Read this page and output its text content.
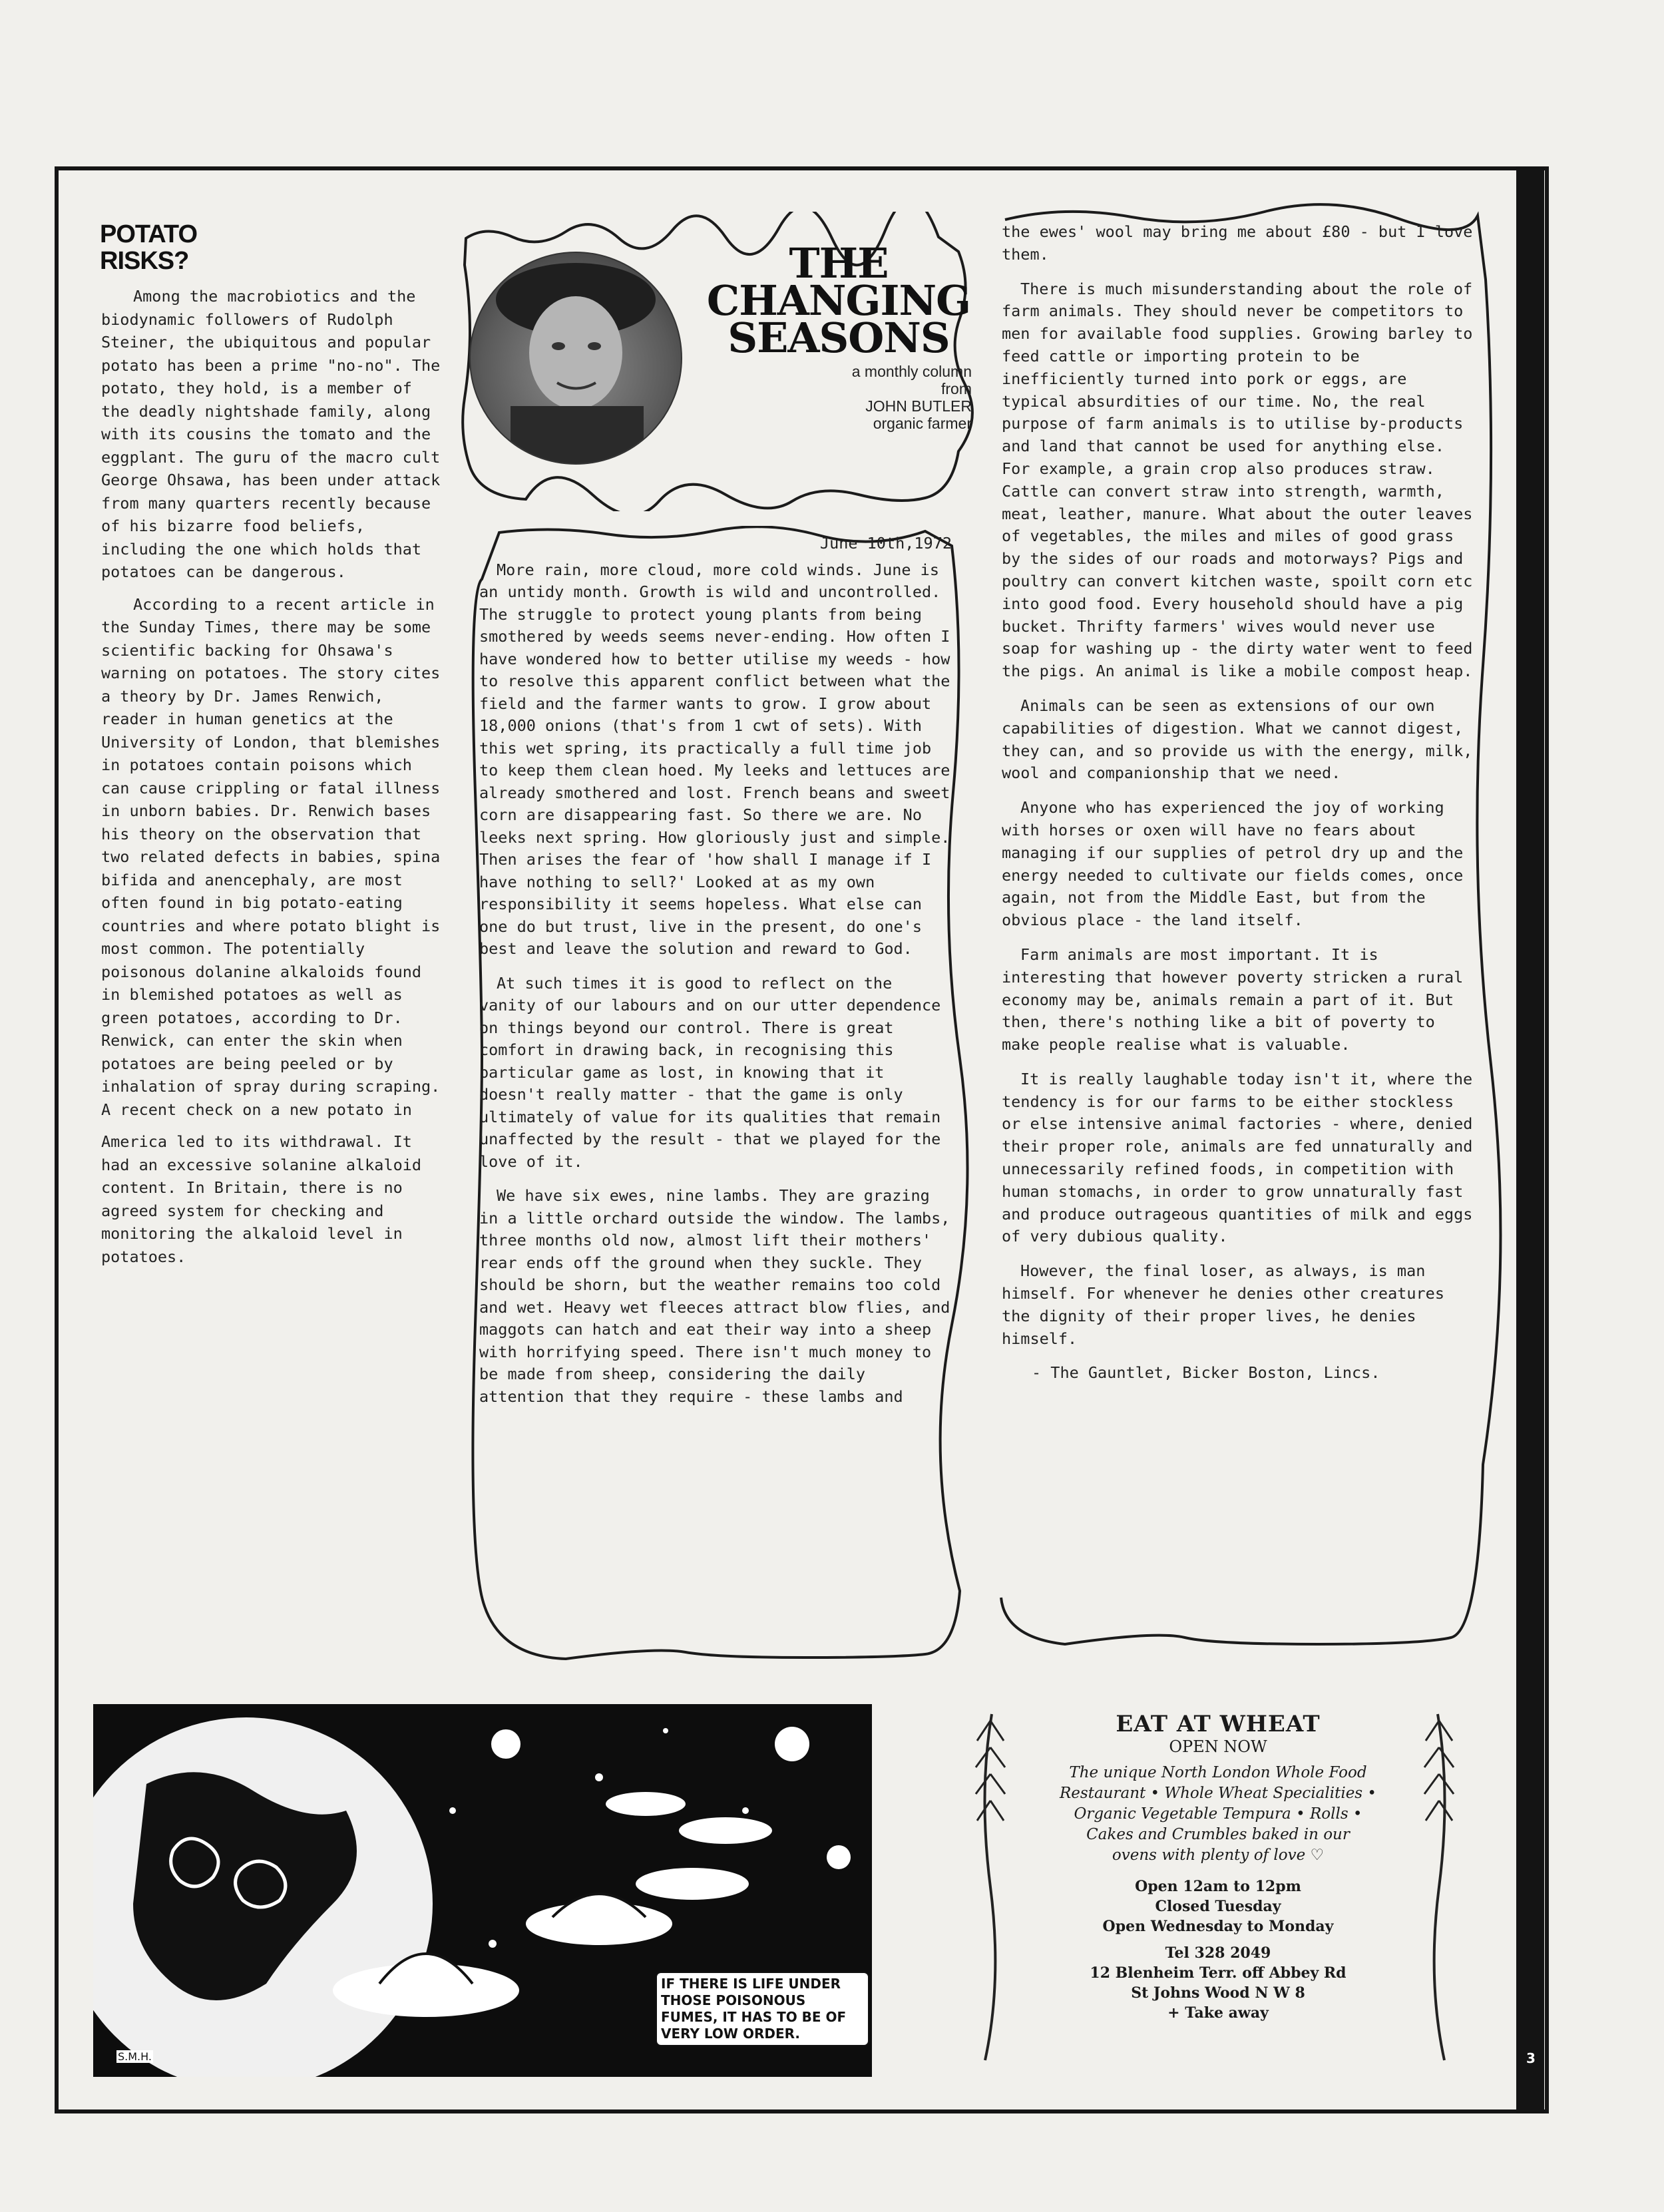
3
POTATO RISKS?

Among the macrobiotics and the biodynamic followers of Rudolph Steiner, the ubiquitous and popular potato has been a prime "no-no". The potato, they hold, is a member of the deadly nightshade family, along with its cousins the tomato and the eggplant. The guru of the macro cult George Ohsawa, has been under attack from many quarters recently because of his bizarre food beliefs, including the one which holds that potatoes can be dangerous.

According to a recent article in the Sunday Times, there may be some scientific backing for Ohsawa's warning on potatoes. The story cites a theory by Dr. James Renwich, reader in human genetics at the University of London, that blemishes in potatoes contain poisons which can cause crippling or fatal illness in unborn babies. Dr. Renwich bases his theory on the observation that two related defects in babies, spina bifida and anencephaly, are most often found in big potato-eating countries and where potato blight is most common. The potentially poisonous dolanine alkaloids found in blemished potatoes as well as green potatoes, according to Dr. Renwick, can enter the skin when potatoes are being peeled or by inhalation of spray during scraping. A recent check on a new potato in

America led to its withdrawal. It had an excessive solanine alkaloid content. In Britain, there is no agreed system for checking and monitoring the alkaloid level in potatoes.

THE
CHANGING
SEASONS
a monthly column
from
JOHN BUTLER
organic farmer

June 10th,1972

More rain, more cloud, more cold winds. June is an untidy month. Growth is wild and uncontrolled. The struggle to protect young plants from being smothered by weeds seems never-ending. How often I have wondered how to better utilise my weeds - how to resolve this apparent conflict between what the field and the farmer wants to grow. I grow about 18,000 onions (that's from 1 cwt of sets). With this wet spring, its practically a full time job to keep them clean hoed. My leeks and lettuces are already smothered and lost. French beans and sweet corn are disappearing fast. So there we are. No leeks next spring. How gloriously just and simple. Then arises the fear of 'how shall I manage if I have nothing to sell?' Looked at as my own responsibility it seems hopeless. What else can one do but trust, live in the present, do one's best and leave the solution and reward to God.

At such times it is good to reflect on the vanity of our labours and on our utter dependence on things beyond our control. There is great comfort in drawing back, in recognising this particular game as lost, in knowing that it doesn't really matter - that the game is only ultimately of value for its qualities that remain unaffected by the result - that we played for the love of it.

We have six ewes, nine lambs. They are grazing in a little orchard outside the window. The lambs, three months old now, almost lift their mothers' rear ends off the ground when they suckle. They should be shorn, but the weather remains too cold and wet. Heavy wet fleeces attract blow flies, and maggots can hatch and eat their way into a sheep with horrifying speed. There isn't much money to be made from sheep, considering the daily attention that they require - these lambs and

the ewes' wool may bring me about £80 - but I love them.

There is much misunderstanding about the role of farm animals. They should never be competitors to men for available food supplies. Growing barley to feed cattle or importing protein to be inefficiently turned into pork or eggs, are typical absurdities of our time. No, the real purpose of farm animals is to utilise by-products and land that cannot be used for anything else. For example, a grain crop also produces straw. Cattle can convert straw into strength, warmth, meat, leather, manure. What about the outer leaves of vegetables, the miles and miles of good grass by the sides of our roads and motorways? Pigs and poultry can convert kitchen waste, spoilt corn etc into good food. Every household should have a pig bucket. Thrifty farmers' wives would never use soap for washing up - the dirty water went to feed the pigs. An animal is like a mobile compost heap.

Animals can be seen as extensions of our own capabilities of digestion. What we cannot digest, they can, and so provide us with the energy, milk, wool and companionship that we need.

Anyone who has experienced the joy of working with horses or oxen will have no fears about managing if our supplies of petrol dry up and the energy needed to cultivate our fields comes, once again, not from the Middle East, but from the obvious place - the land itself.

Farm animals are most important. It is interesting that however poverty stricken a rural economy may be, animals remain a part of it. But then, there's nothing like a bit of poverty to make people realise what is valuable.

It is really laughable today isn't it, where the tendency is for our farms to be either stockless or else intensive animal factories - where, denied their proper role, animals are fed unnaturally and unnecessarily refined foods, in competition with human stomachs, in order to grow unnaturally fast and produce outrageous quantities of milk and eggs of very dubious quality.

However, the final loser, as always, is man himself. For whenever he denies other creatures the dignity of their proper lives, he denies himself.

- The Gauntlet, Bicker Boston, Lincs.

IF THERE IS LIFE UNDER THOSE POISONOUS FUMES, IT HAS TO BE OF VERY LOW ORDER.
S.M.H.
EAT AT WHEAT
OPEN NOW
The unique North London Whole Food
Restaurant • Whole Wheat Specialities •
Organic Vegetable Tempura • Rolls •
Cakes and Crumbles baked in our
ovens with plenty of love ♡
Open 12am to 12pm
Closed Tuesday
Open Wednesday to Monday
Tel 328 2049
12 Blenheim Terr. off Abbey Rd
St Johns Wood N W 8
+ Take away
